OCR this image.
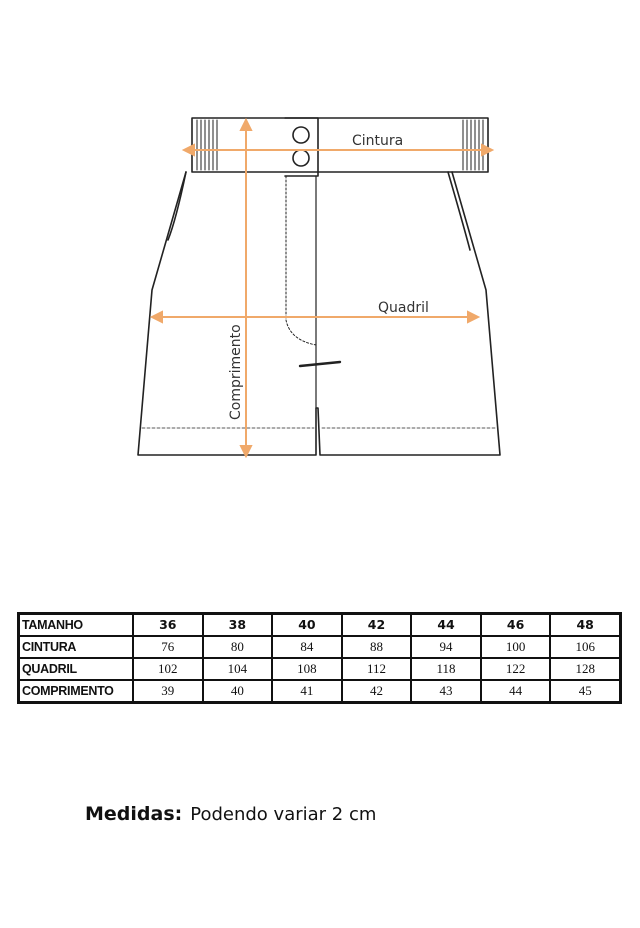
Cintura
Quadril
Comprimento
TAMANHO	36	38	40	42	44	46	48
CINTURA	76	80	84	88	94	100	106
QUADRIL	102	104	108	112	118	122	128
COMPRIMENTO	39	40	41	42	43	44	45
Medidas: Podendo variar 2 cm
